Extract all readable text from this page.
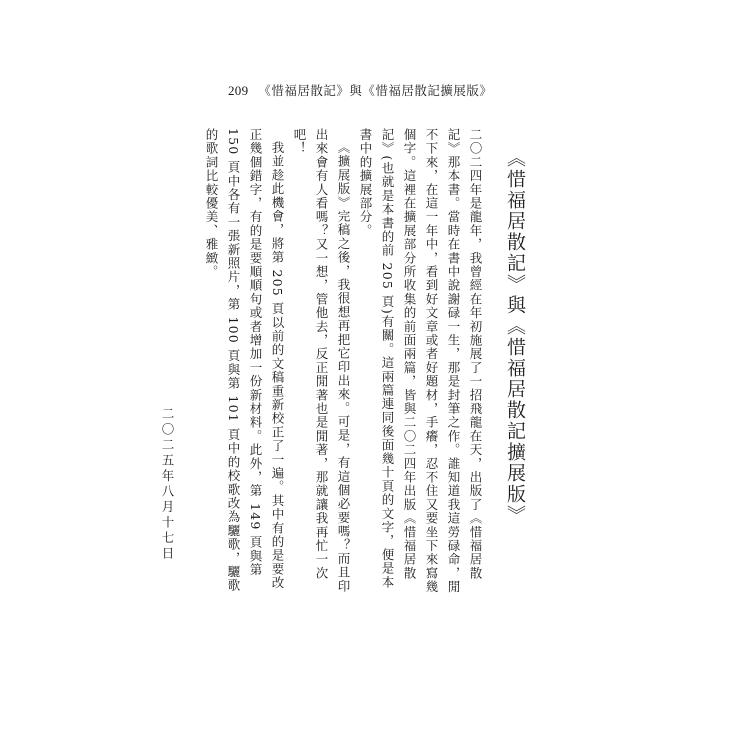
209 《惜福居散記》與《惜福居散記擴展版》
《惜福居散記》與《惜福居散記擴展版》

二〇二四年是龍年，我曾經在年初施展了一招飛龍在天，出版了《惜福居散記》那本書。當時在書中說謝碌一生，那是封筆之作。誰知道我這勞碌命，閒不下來，在這一年中，看到好文章或者好題材，手癢，忍不住又要坐下來寫幾個字。這裡在擴展部分所收集的前面兩篇，皆與二〇二四年出版《惜福居散記》(也就是本書的前 205 頁)有關。這兩篇連同後面幾十頁的文字，便是本書中的擴展部分。

《擴展版》完稿之後，我很想再把它印出來。可是，有這個必要嗎？而且印出來會有人看嗎？又一想，管他去，反正閒著也是閒著，那就讓我再忙一次吧！

我並趁此機會，將第 205 頁以前的文稿重新校正了一遍。其中有的是要改正幾個錯字，有的是要順順句或者增加一份新材料。此外，第 149 頁與第 150 頁中各有一張新照片，第 100 頁與第 101 頁中的校歌改為驪歌，驪歌的歌詞比較優美、雅緻。

二〇二五年八月十七日
